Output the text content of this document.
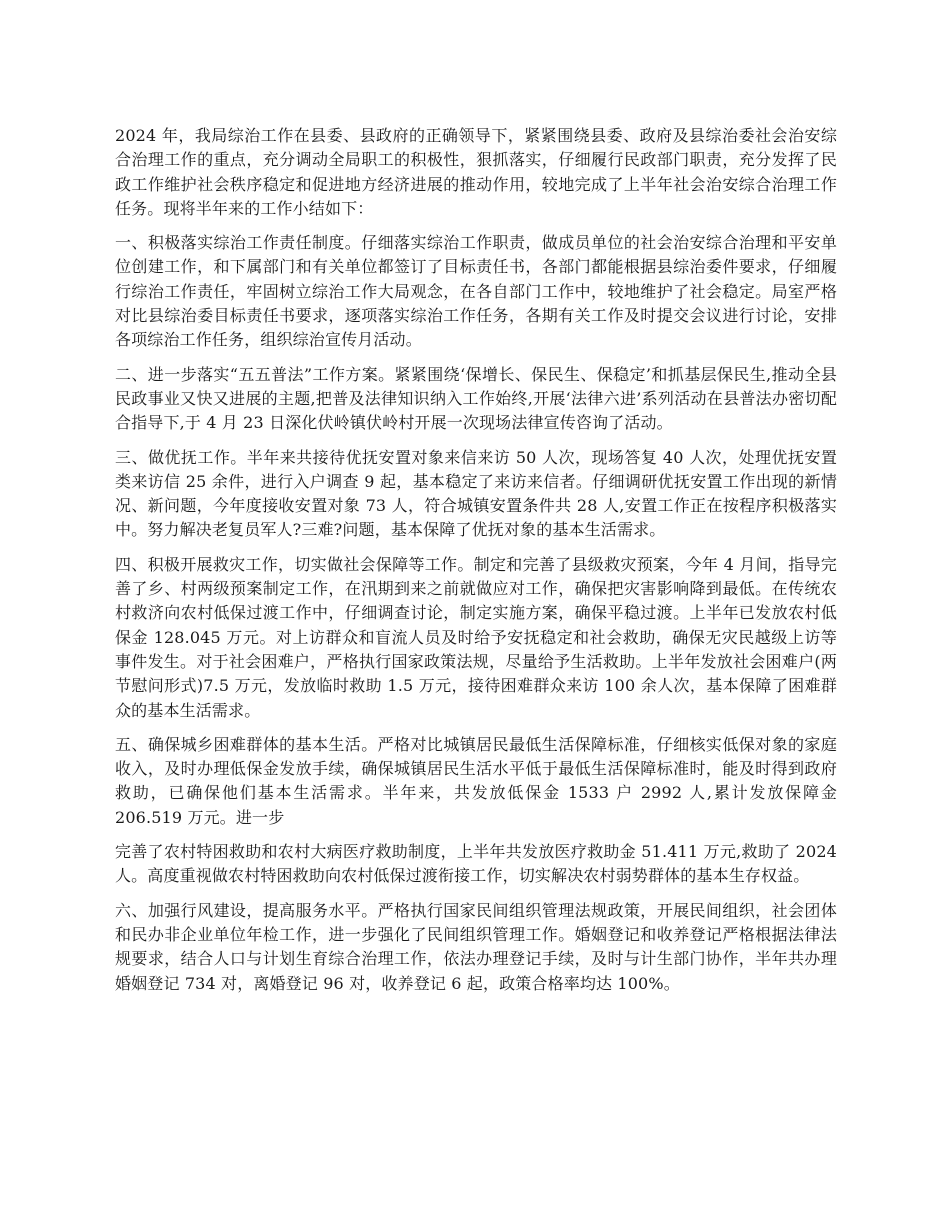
2024 年，我局综治工作在县委、县政府的正确领导下，紧紧围绕县委、政府及县综治委社会治安综合治理工作的重点，充分调动全局职工的积极性，狠抓落实，仔细履行民政部门职责，充分发挥了民政工作维护社会秩序稳定和促进地方经济进展的推动作用，较地完成了上半年社会治安综合治理工作任务。现将半年来的工作小结如下：

一、积极落实综治工作责任制度。仔细落实综治工作职责，做成员单位的社会治安综合治理和平安单位创建工作，和下属部门和有关单位都签订了目标责任书，各部门都能根据县综治委件要求，仔细履行综治工作责任，牢固树立综治工作大局观念，在各自部门工作中，较地维护了社会稳定。局室严格对比县综治委目标责任书要求，逐项落实综治工作任务，各期有关工作及时提交会议进行讨论，安排各项综治工作任务，组织综治宣传月活动。

二、进一步落实“五五普法”工作方案。紧紧围绕‘保增长、保民生、保稳定’和抓基层保民生,推动全县民政事业又快又进展的主题,把普及法律知识纳入工作始终,开展‘法律六进’系列活动在县普法办密切配合指导下,于 4 月 23 日深化伏岭镇伏岭村开展一次现场法律宣传咨询了活动。

三、做优抚工作。半年来共接待优抚安置对象来信来访 50 人次，现场答复 40 人次，处理优抚安置类来访信 25 余件，进行入户调查 9 起，基本稳定了来访来信者。仔细调研优抚安置工作出现的新情况、新问题，今年度接收安置对象 73 人，符合城镇安置条件共 28 人,安置工作正在按程序积极落实中。努力解决老复员军人?三难?问题，基本保障了优抚对象的基本生活需求。

四、积极开展救灾工作，切实做社会保障等工作。制定和完善了县级救灾预案，今年 4 月间，指导完善了乡、村两级预案制定工作，在汛期到来之前就做应对工作，确保把灾害影响降到最低。在传统农村救济向农村低保过渡工作中，仔细调查讨论，制定实施方案，确保平稳过渡。上半年已发放农村低保金 128.045 万元。对上访群众和盲流人员及时给予安抚稳定和社会救助，确保无灾民越级上访等事件发生。对于社会困难户，严格执行国家政策法规，尽量给予生活救助。上半年发放社会困难户(两节慰问形式)7.5 万元，发放临时救助 1.5 万元，接待困难群众来访 100 余人次，基本保障了困难群众的基本生活需求。

五、确保城乡困难群体的基本生活。严格对比城镇居民最低生活保障标准，仔细核实低保对象的家庭收入，及时办理低保金发放手续，确保城镇居民生活水平低于最低生活保障标准时，能及时得到政府救助，已确保他们基本生活需求。半年来，共发放低保金 1533 户 2992 人,累计发放保障金 206.519 万元。进一步

完善了农村特困救助和农村大病医疗救助制度，上半年共发放医疗救助金 51.411 万元,救助了 2024 人。高度重视做农村特困救助向农村低保过渡衔接工作，切实解决农村弱势群体的基本生存权益。

六、加强行风建设，提高服务水平。严格执行国家民间组织管理法规政策，开展民间组织，社会团体和民办非企业单位年检工作，进一步强化了民间组织管理工作。婚姻登记和收养登记严格根据法律法规要求，结合人口与计划生育综合治理工作，依法办理登记手续，及时与计生部门协作，半年共办理婚姻登记 734 对，离婚登记 96 对，收养登记 6 起，政策合格率均达 100%。
